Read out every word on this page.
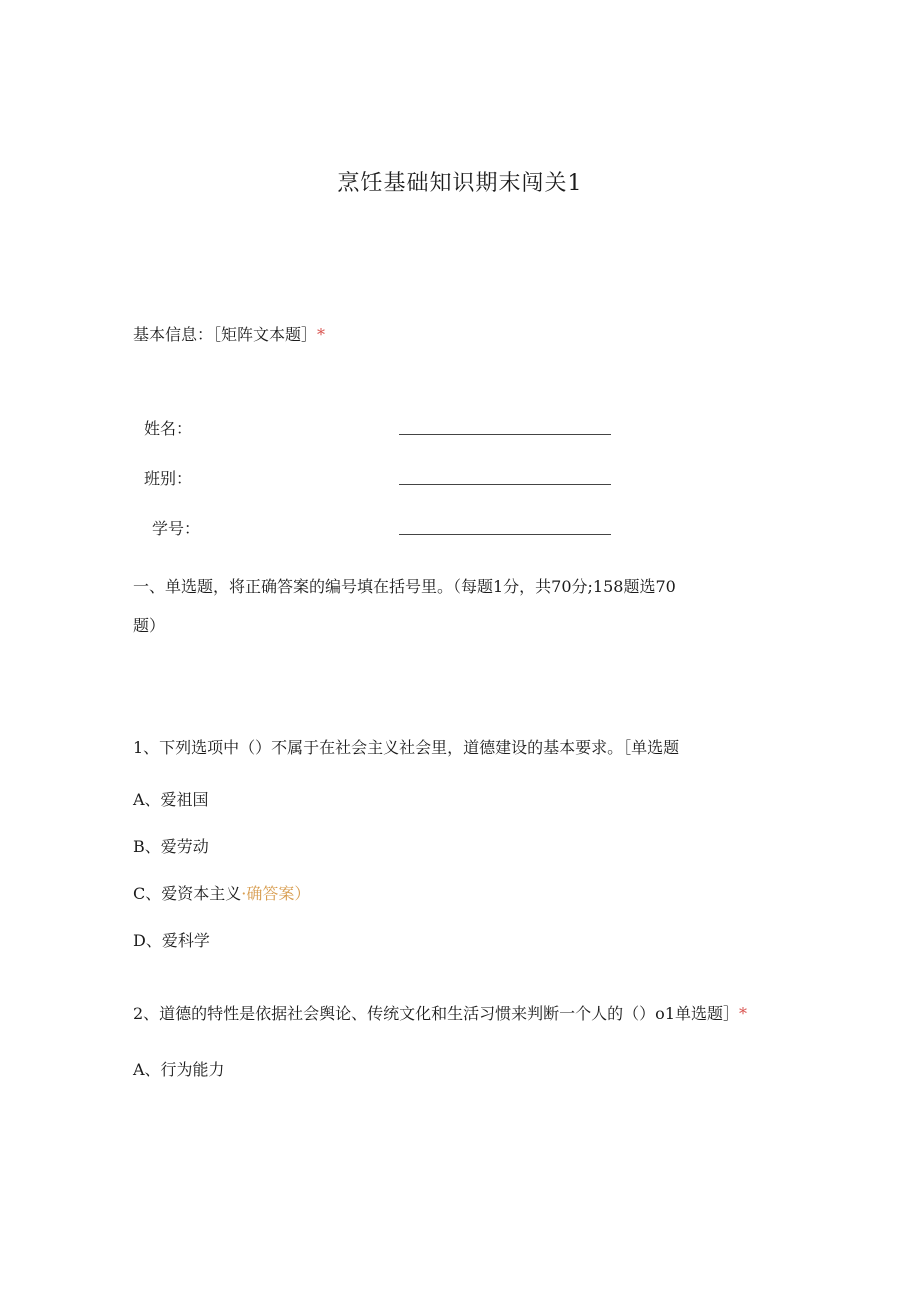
烹饪基础知识期末闯关1
基本信息：［矩阵文本题］*
姓名：
班别：
学号：
一、单选题，将正确答案的编号填在括号里。（每题1分，共70分;158题选70
题）
1、下列选项中（）不属于在社会主义社会里，道德建设的基本要求。［单选题
A、爱祖国
B、爱劳动
C、爱资本主义·确答案）
D、爱科学
2、道德的特性是依据社会舆论、传统文化和生活习惯来判断一个人的（）o1单选题］*
A、行为能力
